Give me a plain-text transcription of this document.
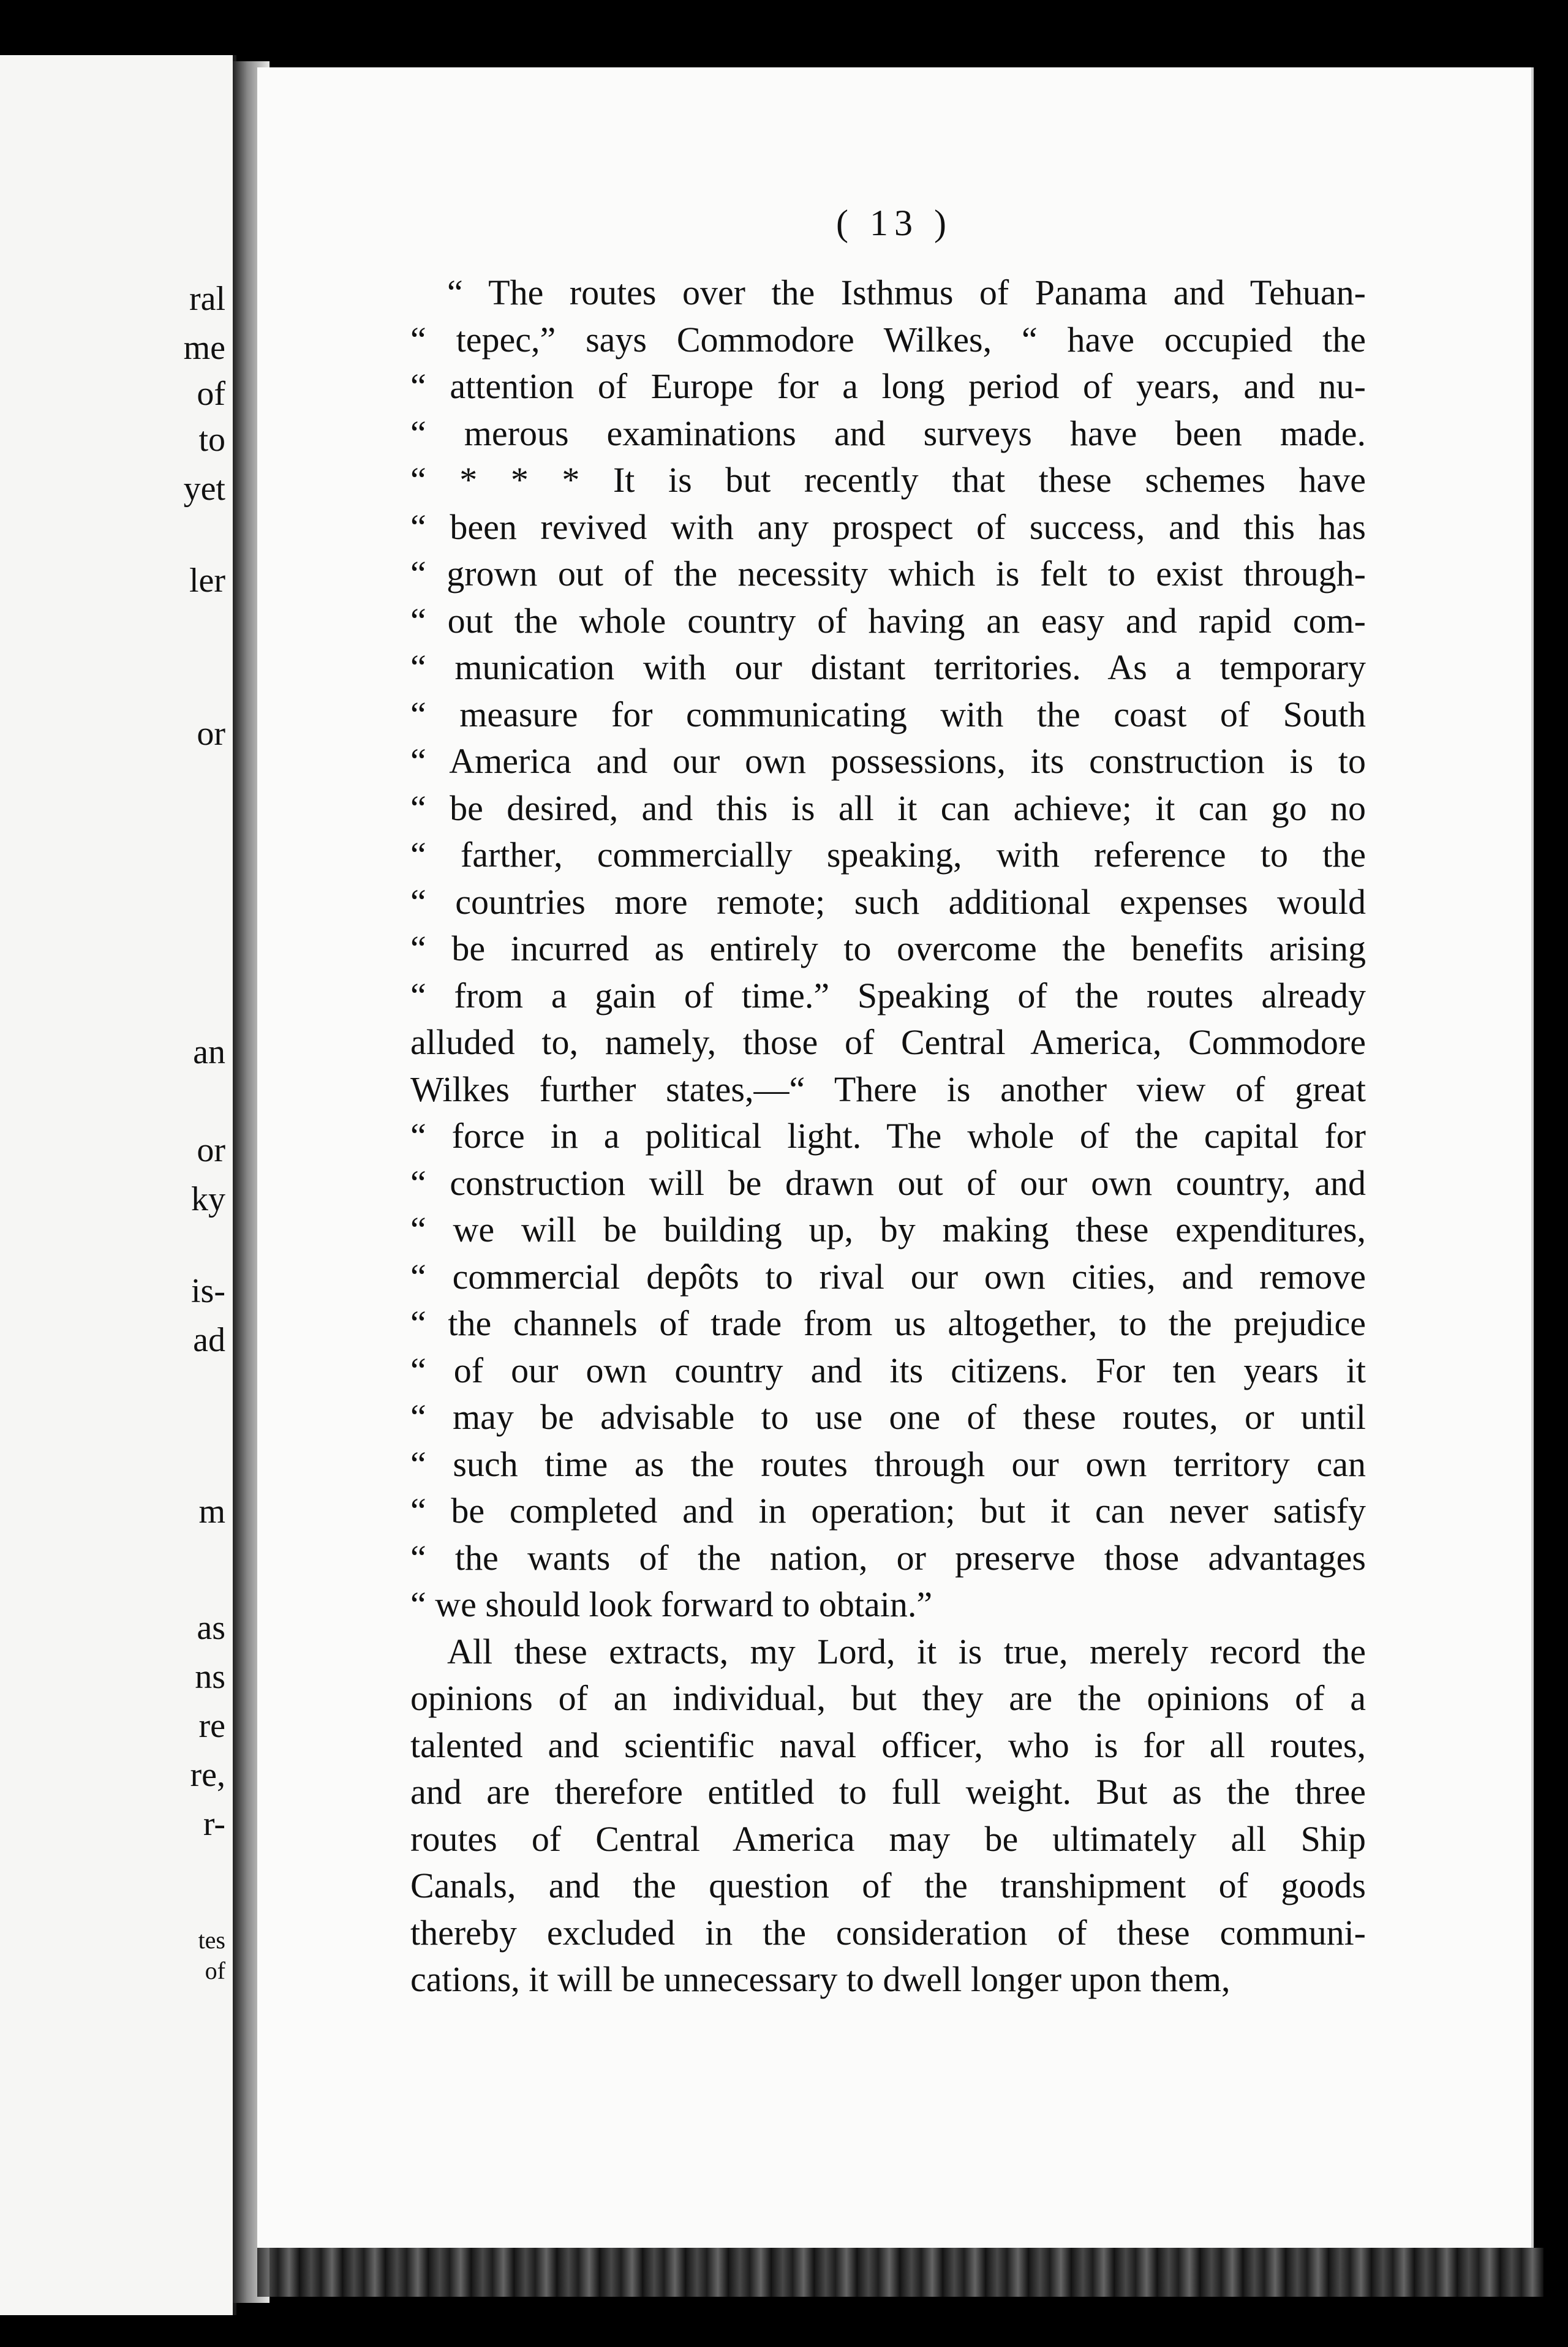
ral
me
of
to
yet
ler
or
an
or
ky
is-
ad
m
as
ns
re
re,
r-
tes
of
( 13 )
“ The routes over the Isthmus of Panama and Tehuan-
“ tepec,” says Commodore Wilkes, “ have occupied the
“ attention of Europe for a long period of years, and nu-
“ merous examinations and surveys have been made.
“ * * * It is but recently that these schemes have
“ been revived with any prospect of success, and this has
“ grown out of the necessity which is felt to exist through-
“ out the whole country of having an easy and rapid com-
“ munication with our distant territories. As a temporary
“ measure for communicating with the coast of South
“ America and our own possessions, its construction is to
“ be desired, and this is all it can achieve; it can go no
“ farther, commercially speaking, with reference to the
“ countries more remote; such additional expenses would
“ be incurred as entirely to overcome the benefits arising
“ from a gain of time.” Speaking of the routes already
alluded to, namely, those of Central America, Commodore
Wilkes further states,—“ There is another view of great
“ force in a political light. The whole of the capital for
“ construction will be drawn out of our own country, and
“ we will be building up, by making these expenditures,
“ commercial depôts to rival our own cities, and remove
“ the channels of trade from us altogether, to the prejudice
“ of our own country and its citizens. For ten years it
“ may be advisable to use one of these routes, or until
“ such time as the routes through our own territory can
“ be completed and in operation; but it can never satisfy
“ the wants of the nation, or preserve those advantages
“ we should look forward to obtain.”
All these extracts, my Lord, it is true, merely record the
opinions of an individual, but they are the opinions of a
talented and scientific naval officer, who is for all routes,
and are therefore entitled to full weight. But as the three
routes of Central America may be ultimately all Ship
Canals, and the question of the transhipment of goods
thereby excluded in the consideration of these communi-
cations, it will be unnecessary to dwell longer upon them,
